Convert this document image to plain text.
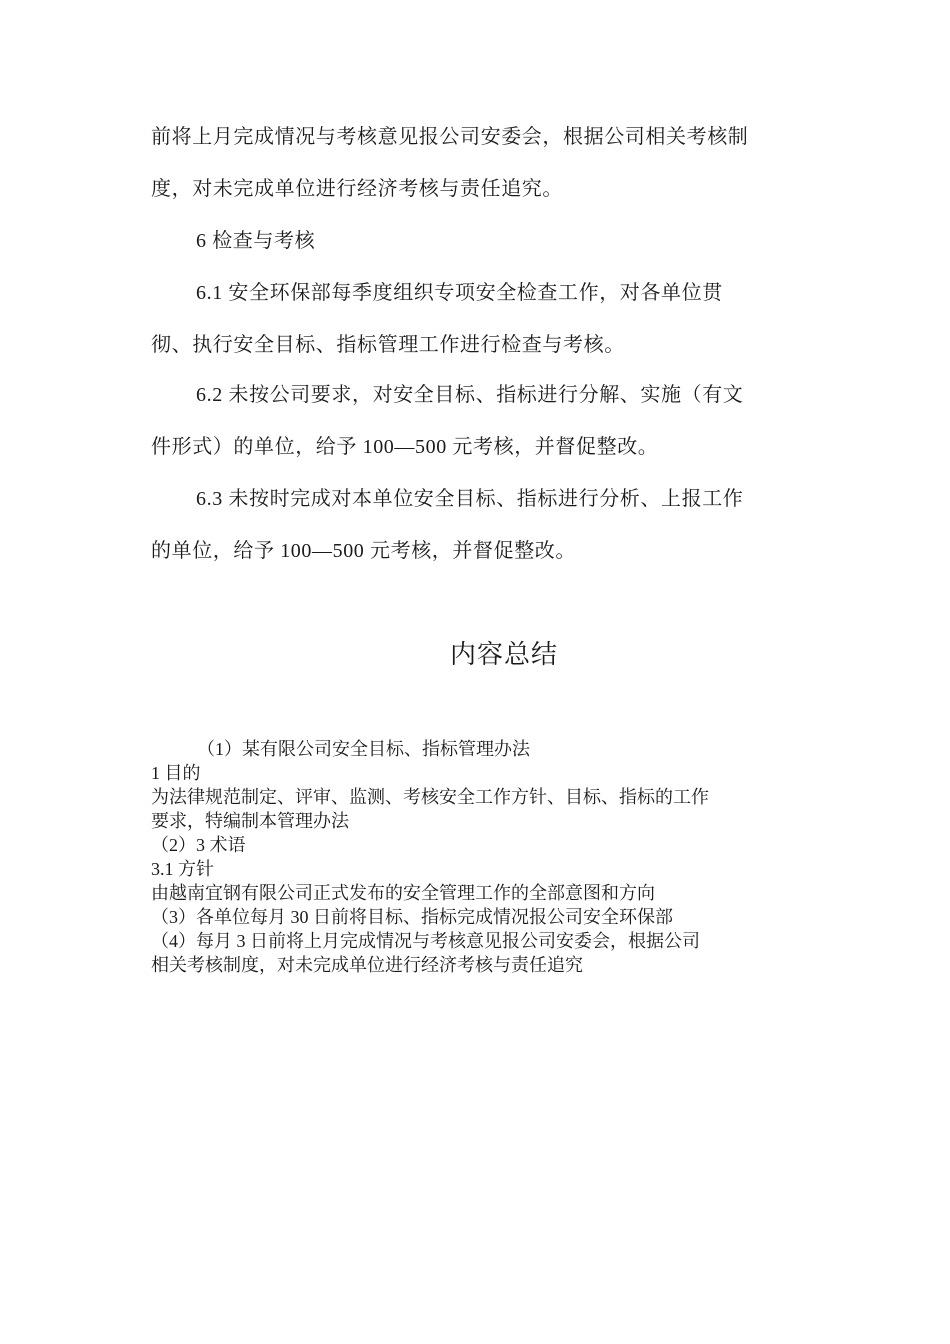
前将上月完成情况与考核意见报公司安委会，根据公司相关考核制
度，对未完成单位进行经济考核与责任追究。
6 检查与考核
6.1 安全环保部每季度组织专项安全检查工作，对各单位贯
彻、执行安全目标、指标管理工作进行检查与考核。
6.2 未按公司要求，对安全目标、指标进行分解、实施（有文
件形式）的单位，给予 100—500 元考核，并督促整改。
6.3 未按时完成对本单位安全目标、指标进行分析、上报工作
的单位，给予 100—500 元考核，并督促整改。
内容总结
（1）某有限公司安全目标、指标管理办法
1 目的
为法律规范制定、评审、监测、考核安全工作方针、目标、指标的工作
要求，特编制本管理办法
（2）3 术语
3.1 方针
由越南宜钢有限公司正式发布的安全管理工作的全部意图和方向
（3）各单位每月 30 日前将目标、指标完成情况报公司安全环保部
（4）每月 3 日前将上月完成情况与考核意见报公司安委会，根据公司
相关考核制度，对未完成单位进行经济考核与责任追究
